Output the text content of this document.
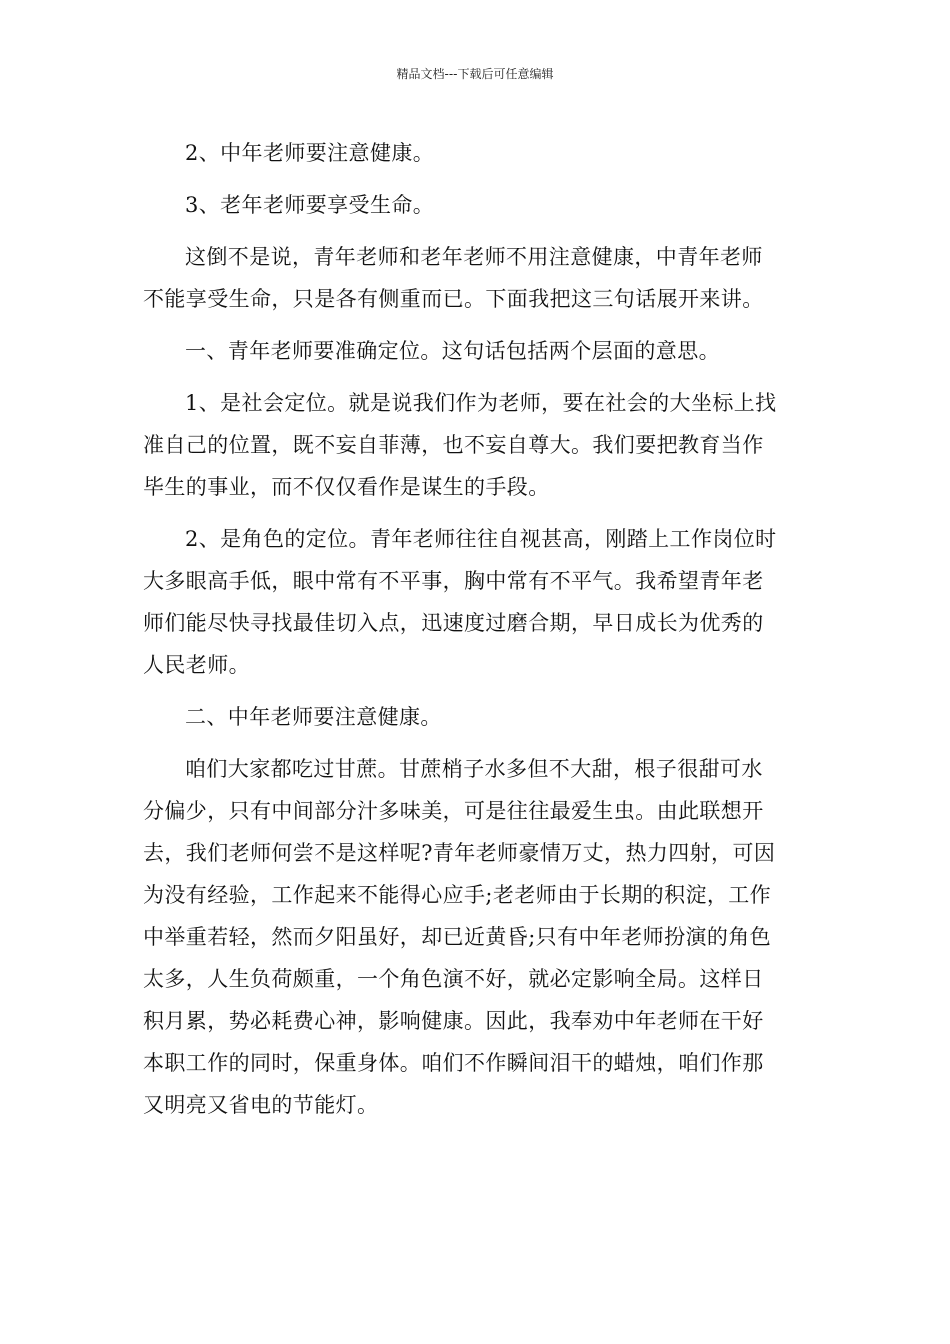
精品文档---下载后可任意编辑

2、中年老师要注意健康。

3、老年老师要享受生命。

这倒不是说，青年老师和老年老师不用注意健康，中青年老师
不能享受生命，只是各有侧重而已。下面我把这三句话展开来讲。

一、青年老师要准确定位。这句话包括两个层面的意思。

1、是社会定位。就是说我们作为老师，要在社会的大坐标上找
准自己的位置，既不妄自菲薄，也不妄自尊大。我们要把教育当作
毕生的事业，而不仅仅看作是谋生的手段。

2、是角色的定位。青年老师往往自视甚高，刚踏上工作岗位时
大多眼高手低，眼中常有不平事，胸中常有不平气。我希望青年老
师们能尽快寻找最佳切入点，迅速度过磨合期，早日成长为优秀的
人民老师。

二、中年老师要注意健康。

咱们大家都吃过甘蔗。甘蔗梢子水多但不大甜，根子很甜可水
分偏少，只有中间部分汁多味美，可是往往最爱生虫。由此联想开
去，我们老师何尝不是这样呢?青年老师豪情万丈，热力四射，可因
为没有经验，工作起来不能得心应手;老老师由于长期的积淀，工作
中举重若轻，然而夕阳虽好，却已近黄昏;只有中年老师扮演的角色
太多，人生负荷颇重，一个角色演不好，就必定影响全局。这样日
积月累，势必耗费心神，影响健康。因此，我奉劝中年老师在干好
本职工作的同时，保重身体。咱们不作瞬间泪干的蜡烛，咱们作那
又明亮又省电的节能灯。
